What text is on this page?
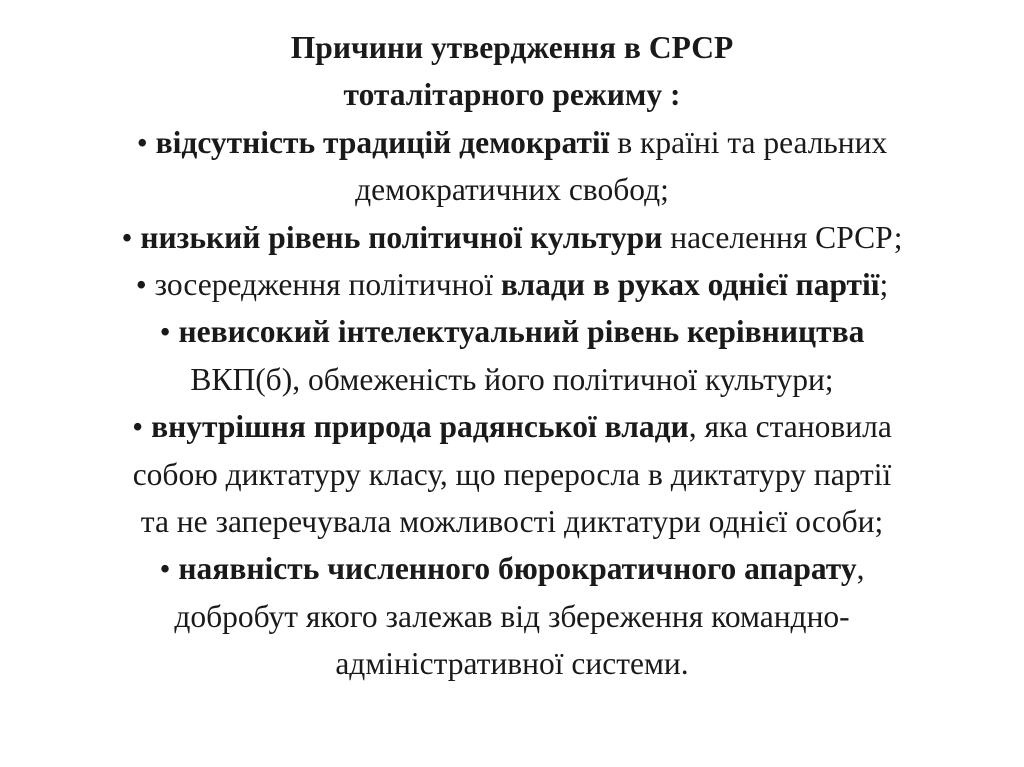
Причини утвердження в СРСР
тоталітарного режиму :
• відсутність традицій демократії в країні та реальних
демократичних свобод;
• низький рівень політичної культури населення СРСР;
• зосередження політичної влади в руках однієї партії;
• невисокий інтелектуальний рівень керівництва
ВКП(б), обмеженість його політичної культури;
• внутрішня природа радянської влади, яка становила
собою диктатуру класу, що переросла в диктатуру партії
та не заперечувала можливості диктатури однієї особи;
• наявність численного бюрократичного апарату,
добробут якого залежав від збереження командно-
адміністративної системи.
